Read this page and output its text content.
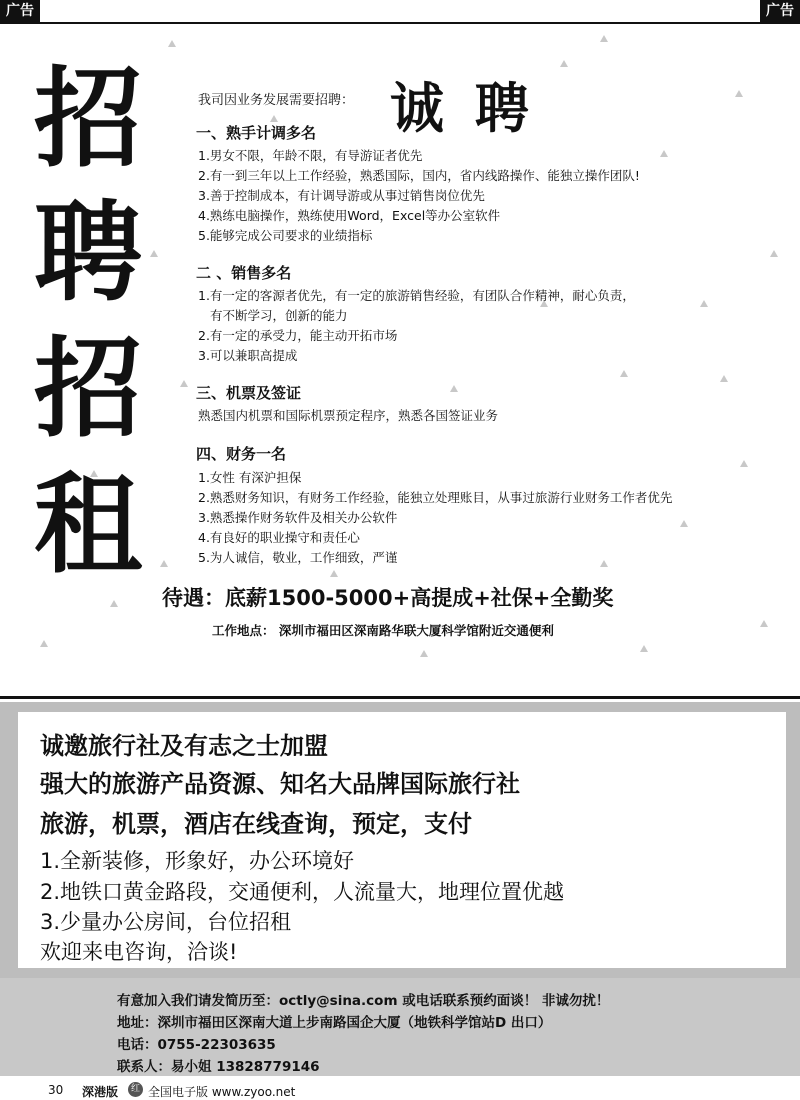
广告	广告
招
聘
招
租
我司因业务发展需要招聘： 诚 聘
一、熟手计调多名
1.男女不限，年龄不限，有导游证者优先
2.有一到三年以上工作经验，熟悉国际，国内，省内线路操作、能独立操作团队!
3.善于控制成本，有计调导游或从事过销售岗位优先
4.熟练电脑操作，熟练使用Word，Excel等办公室软件
5.能够完成公司要求的业绩指标
二 、销售多名
1.有一定的客源者优先，有一定的旅游销售经验，有团队合作精神，耐心负责，
有不断学习，创新的能力
2.有一定的承受力，能主动开拓市场
3.可以兼职高提成
三、机票及签证
熟悉国内机票和国际机票预定程序，熟悉各国签证业务
四、财务一名
1.女性 有深沪担保
2.熟悉财务知识，有财务工作经验，能独立处理账目，从事过旅游行业财务工作者优先
3.熟悉操作财务软件及相关办公软件
4.有良好的职业操守和责任心
5.为人诚信，敬业，工作细致，严谨
待遇：底薪1500-5000+高提成+社保+全勤奖
工作地点： 深圳市福田区深南路华联大厦科学馆附近交通便利
诚邀旅行社及有志之士加盟
强大的旅游产品资源、知名大品牌国际旅行社
旅游，机票，酒店在线查询，预定，支付
1.全新装修，形象好，办公环境好
2.地铁口黄金路段，交通便利，人流量大，地理位置优越
3.少量办公房间，台位招租
欢迎来电咨询，洽谈!
有意加入我们请发简历至：octly@sina.com 或电话联系预约面谈！ 非诚勿扰！
地址：深圳市福田区深南大道上步南路国企大厦（地铁科学馆站D 出口）
电话：0755-22303635
联系人：易小姐 13828779146
30 深港版	红 全国电子版 www.zyoo.net
